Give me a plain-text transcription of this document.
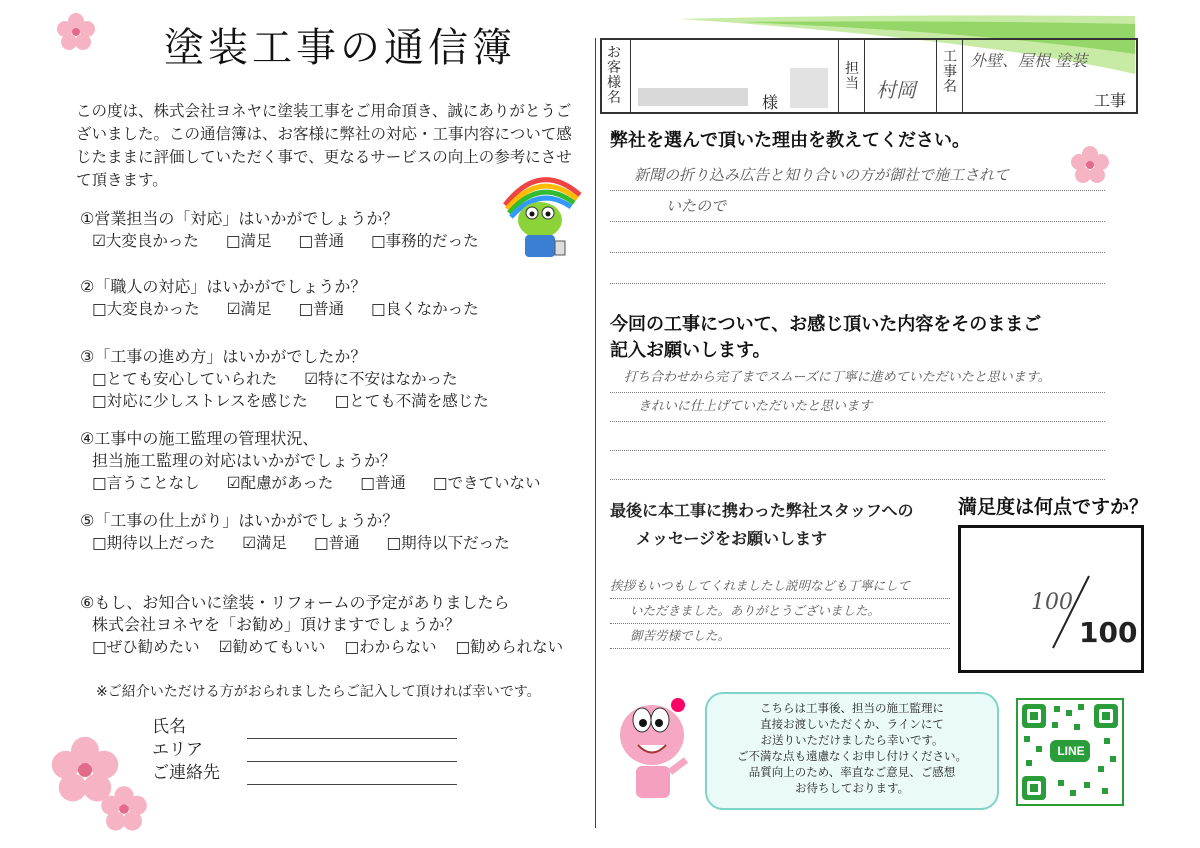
塗装工事の通信簿
この度は、株式会社ヨネヤに塗装工事をご用命頂き、誠にありがとうございました。この通信簿は、お客様に弊社の対応・工事内容について感じたままに評価していただく事で、更なるサービスの向上の参考にさせて頂きます。
①営業担当の「対応」はいかがでしょうか？
☑大変良かった □満足 □普通 □事務的だった
②「職人の対応」はいかがでしょうか？
□大変良かった ☑満足 □普通 □良くなかった
③「工事の進め方」はいかがでしたか？
□とても安心していられた ☑特に不安はなかった
□対応に少しストレスを感じた □とても不満を感じた
④工事中の施工監理の管理状況、
担当施工監理の対応はいかがでしょうか？
□言うことなし ☑配慮があった □普通 □できていない
⑤「工事の仕上がり」はいかがでしょうか？
□期待以上だった ☑満足 □普通 □期待以下だった
⑥もし、お知合いに塗装・リフォームの予定がありましたら
株式会社ヨネヤを「お勧め」頂けますでしょうか？
□ぜひ勧めたい ☑勧めてもいい □わからない □勧められない
※ご紹介いただける方がおられましたらご記入して頂ければ幸いです。
氏名
エリア
ご連絡先
お客様名	様
担当 村岡
工事名
外壁、屋根 塗装
工事
弊社を選んで頂いた理由を教えてください。
新聞の折り込み広告と知り合いの方が御社で施工されて
いたので
今回の工事について、お感じ頂いた内容をそのままご
記入お願いします。
打ち合わせから完了までスムーズに丁寧に進めていただいたと思います。
きれいに仕上げていただいたと思います
最後に本工事に携わった弊社スタッフへの
メッセージをお願いします
挨拶もいつもしてくれましたし説明なども丁寧にして
いただきました。ありがとうございました。
御苦労様でした。
満足度は何点ですか？
100
100
こちらは工事後、担当の施工監理に
直接お渡しいただくか、ラインにて
お送りいただけましたら幸いです。
ご不満な点も遠慮なくお申し付けください。
品質向上のため、率直なご意見、ご感想
お待ちしております。
LINE
